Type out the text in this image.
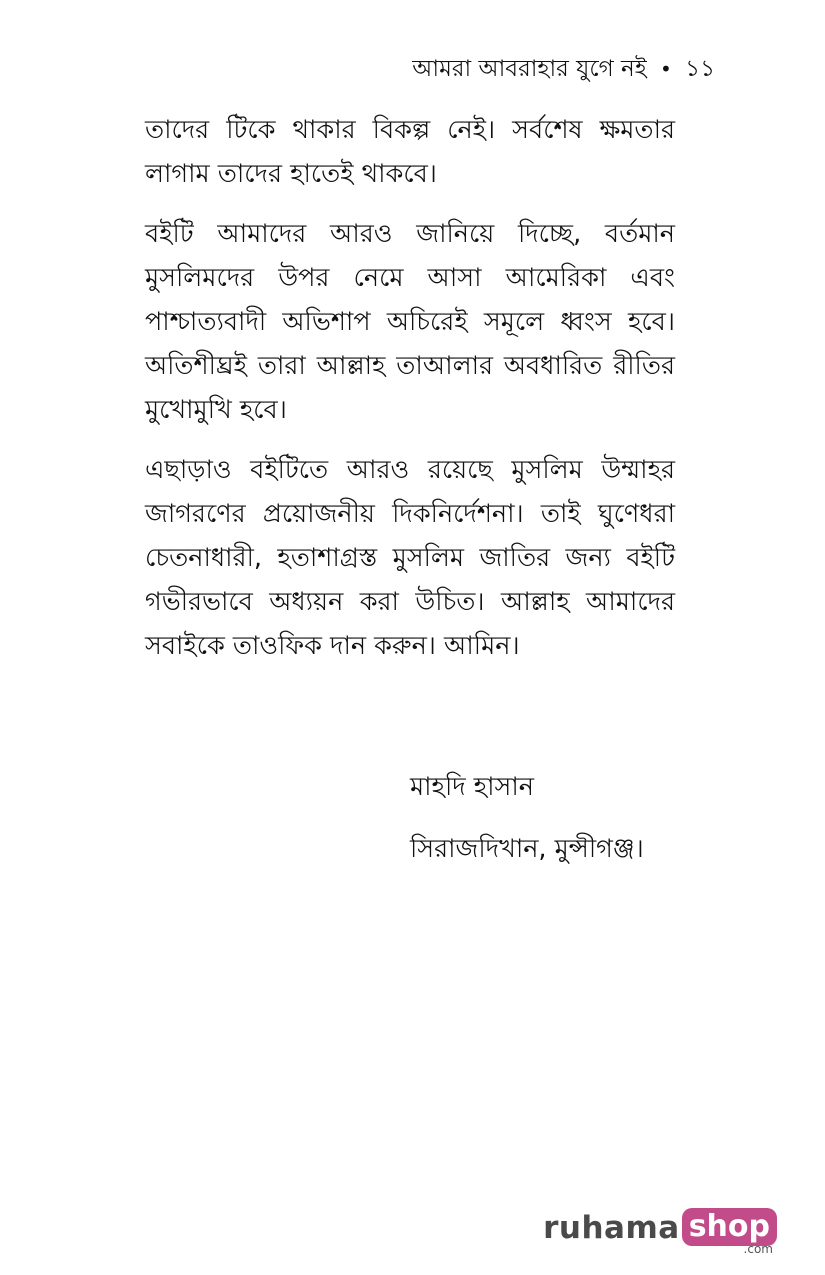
আমরা আবরাহার যুগে নই • ১১

তাদের টিকে থাকার বিকল্প নেই। সর্বশেষ ক্ষমতার লাগাম তাদের হাতেই থাকবে।

বইটি আমাদের আরও জানিয়ে দিচ্ছে, বর্তমান মুসলিমদের উপর নেমে আসা আমেরিকা এবং পাশ্চাত্যবাদী অভিশাপ অচিরেই সমূলে ধ্বংস হবে। অতিশীঘ্রই তারা আল্লাহ তাআলার অবধারিত রীতির মুখোমুখি হবে।

এছাড়াও বইটিতে আরও রয়েছে মুসলিম উম্মাহর জাগরণের প্রয়োজনীয় দিকনির্দেশনা। তাই ঘুণেধরা চেতনাধারী, হতাশাগ্রস্ত মুসলিম জাতির জন্য বইটি গভীরভাবে অধ্যয়ন করা উচিত। আল্লাহ আমাদের সবাইকে তাওফিক দান করুন। আমিন।

মাহদি হাসান
সিরাজদিখান, মুন্সীগঞ্জ।
ruhama shop
.com
